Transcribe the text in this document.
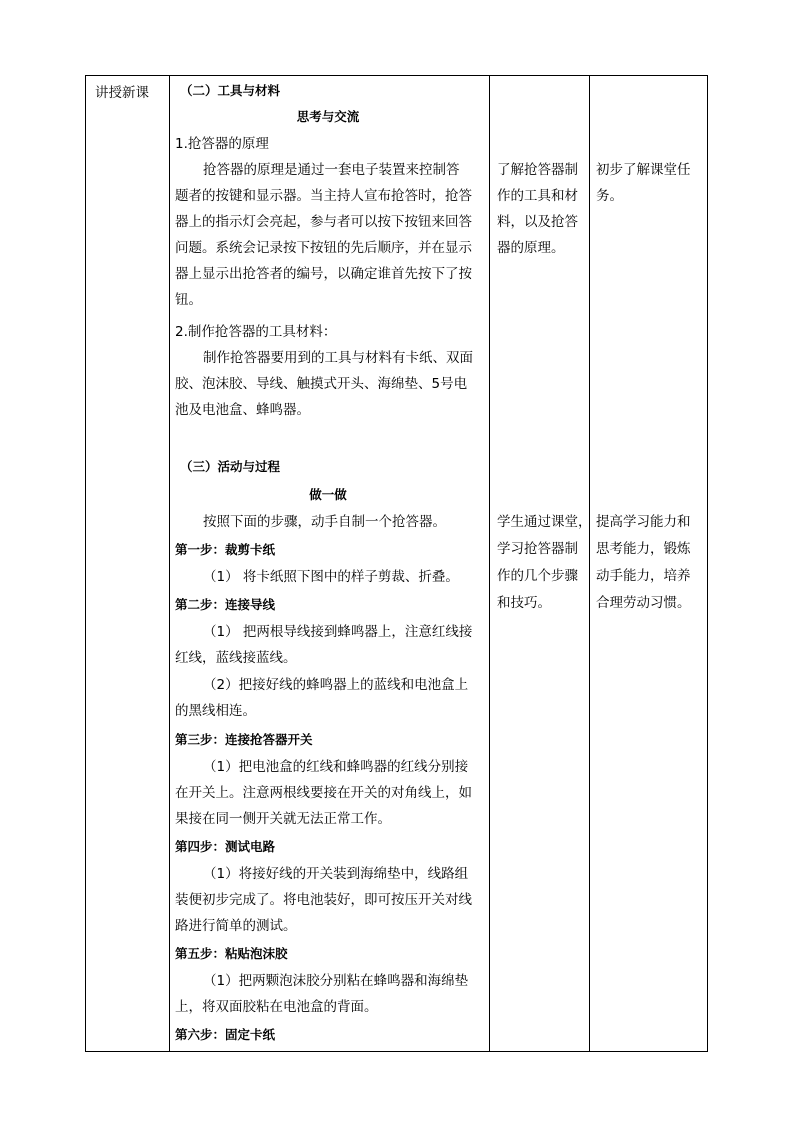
讲授新课 （二）工具与材料
思考与交流
1.抢答器的原理
抢答器的原理是通过一套电子装置来控制答
题者的按键和显示器。当主持人宣布抢答时，抢答
器上的指示灯会亮起，参与者可以按下按钮来回答
问题。系统会记录按下按钮的先后顺序，并在显示
器上显示出抢答者的编号，以确定谁首先按下了按
钮。
2.制作抢答器的工具材料：
制作抢答器要用到的工具与材料有卡纸、双面
胶、泡沫胶、导线、触摸式开头、海绵垫、5号电
池及电池盒、蜂鸣器。
了解抢答器制
作的工具和材
料，以及抢答
器的原理。
初步了解课堂任
务。
（三）活动与过程
做一做
按照下面的步骤，动手自制一个抢答器。
第一步：裁剪卡纸
（1） 将卡纸照下图中的样子剪裁、折叠。
第二步：连接导线
（1） 把两根导线接到蜂鸣器上，注意红线接
红线，蓝线接蓝线。
（2）把接好线的蜂鸣器上的蓝线和电池盒上
的黑线相连。
第三步：连接抢答器开关
（1）把电池盒的红线和蜂鸣器的红线分别接
在开关上。注意两根线要接在开关的对角线上，如
果接在同一侧开关就无法正常工作。
第四步：测试电路
（1）将接好线的开关装到海绵垫中，线路组
装便初步完成了。将电池装好，即可按压开关对线
路进行简单的测试。
第五步：粘贴泡沫胶
（1）把两颗泡沫胶分别粘在蜂鸣器和海绵垫
上，将双面胶粘在电池盒的背面。
第六步：固定卡纸
学生通过课堂，
学习抢答器制
作的几个步骤
和技巧。
提高学习能力和
思考能力，锻炼
动手能力，培养
合理劳动习惯。
